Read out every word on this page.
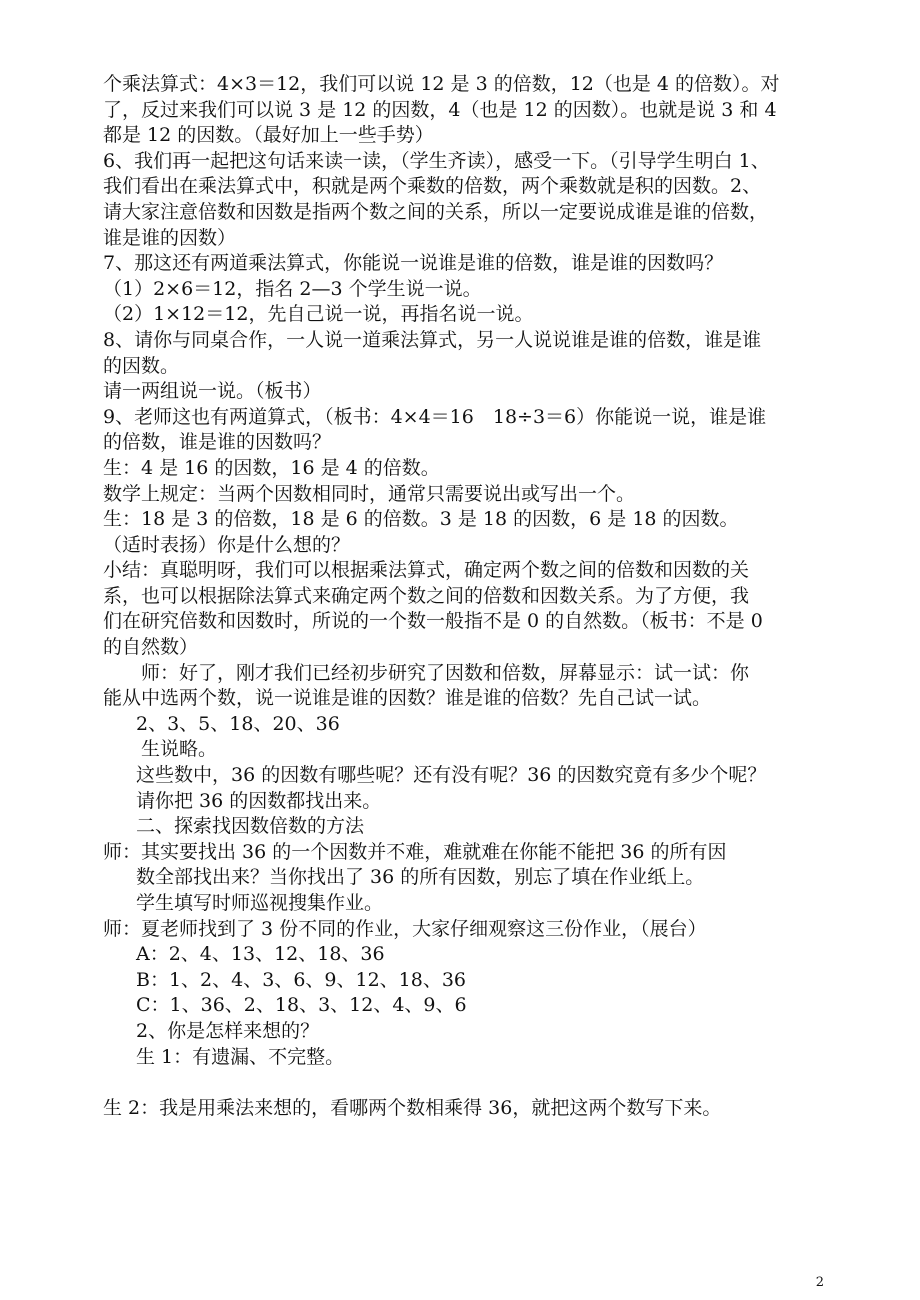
个乘法算式：4×3＝12，我们可以说 12 是 3 的倍数，12（也是 4 的倍数）。对

了，反过来我们可以说 3 是 12 的因数，4（也是 12 的因数）。也就是说 3 和 4

都是 12 的因数。（最好加上一些手势）

6、我们再一起把这句话来读一读，（学生齐读），感受一下。（引导学生明白 1、

我们看出在乘法算式中，积就是两个乘数的倍数，两个乘数就是积的因数。2、

请大家注意倍数和因数是指两个数之间的关系，所以一定要说成谁是谁的倍数，

谁是谁的因数）

7、那这还有两道乘法算式，你能说一说谁是谁的倍数，谁是谁的因数吗？

（1）2×6＝12，指名 2—3 个学生说一说。

（2）1×12＝12，先自己说一说，再指名说一说。

8、请你与同桌合作，一人说一道乘法算式，另一人说说谁是谁的倍数，谁是谁

的因数。

请一两组说一说。（板书）

9、老师这也有两道算式，（板书：4×4＝16　18÷3＝6）你能说一说，谁是谁

的倍数，谁是谁的因数吗？

生：4 是 16 的因数，16 是 4 的倍数。

数学上规定：当两个因数相同时，通常只需要说出或写出一个。

生：18 是 3 的倍数，18 是 6 的倍数。3 是 18 的因数，6 是 18 的因数。

（适时表扬）你是什么想的？

小结：真聪明呀，我们可以根据乘法算式，确定两个数之间的倍数和因数的关

系，也可以根据除法算式来确定两个数之间的倍数和因数关系。为了方便，我

们在研究倍数和因数时，所说的一个数一般指不是 0 的自然数。（板书：不是 0

的自然数）

　　师：好了，刚才我们已经初步研究了因数和倍数，屏幕显示：试一试：你

能从中选两个数，说一说谁是谁的因数？谁是谁的倍数？先自己试一试。

2、3、5、18、20、36

　　生说略。

这些数中，36 的因数有哪些呢？还有没有呢？36 的因数究竟有多少个呢？

请你把 36 的因数都找出来。

二、探索找因数倍数的方法

师：其实要找出 36 的一个因数并不难，难就难在你能不能把 36 的所有因

数全部找出来？当你找出了 36 的所有因数，别忘了填在作业纸上。

学生填写时师巡视搜集作业。

师：夏老师找到了 3 份不同的作业，大家仔细观察这三份作业，（展台）

A：2、4、13、12、18、36

B：1、2、4、3、6、9、12、18、36

C：1、36、2、18、3、12、4、9、6

2、你是怎样来想的？

生 1：有遗漏、不完整。

生 2：我是用乘法来想的，看哪两个数相乘得 36，就把这两个数写下来。

2
